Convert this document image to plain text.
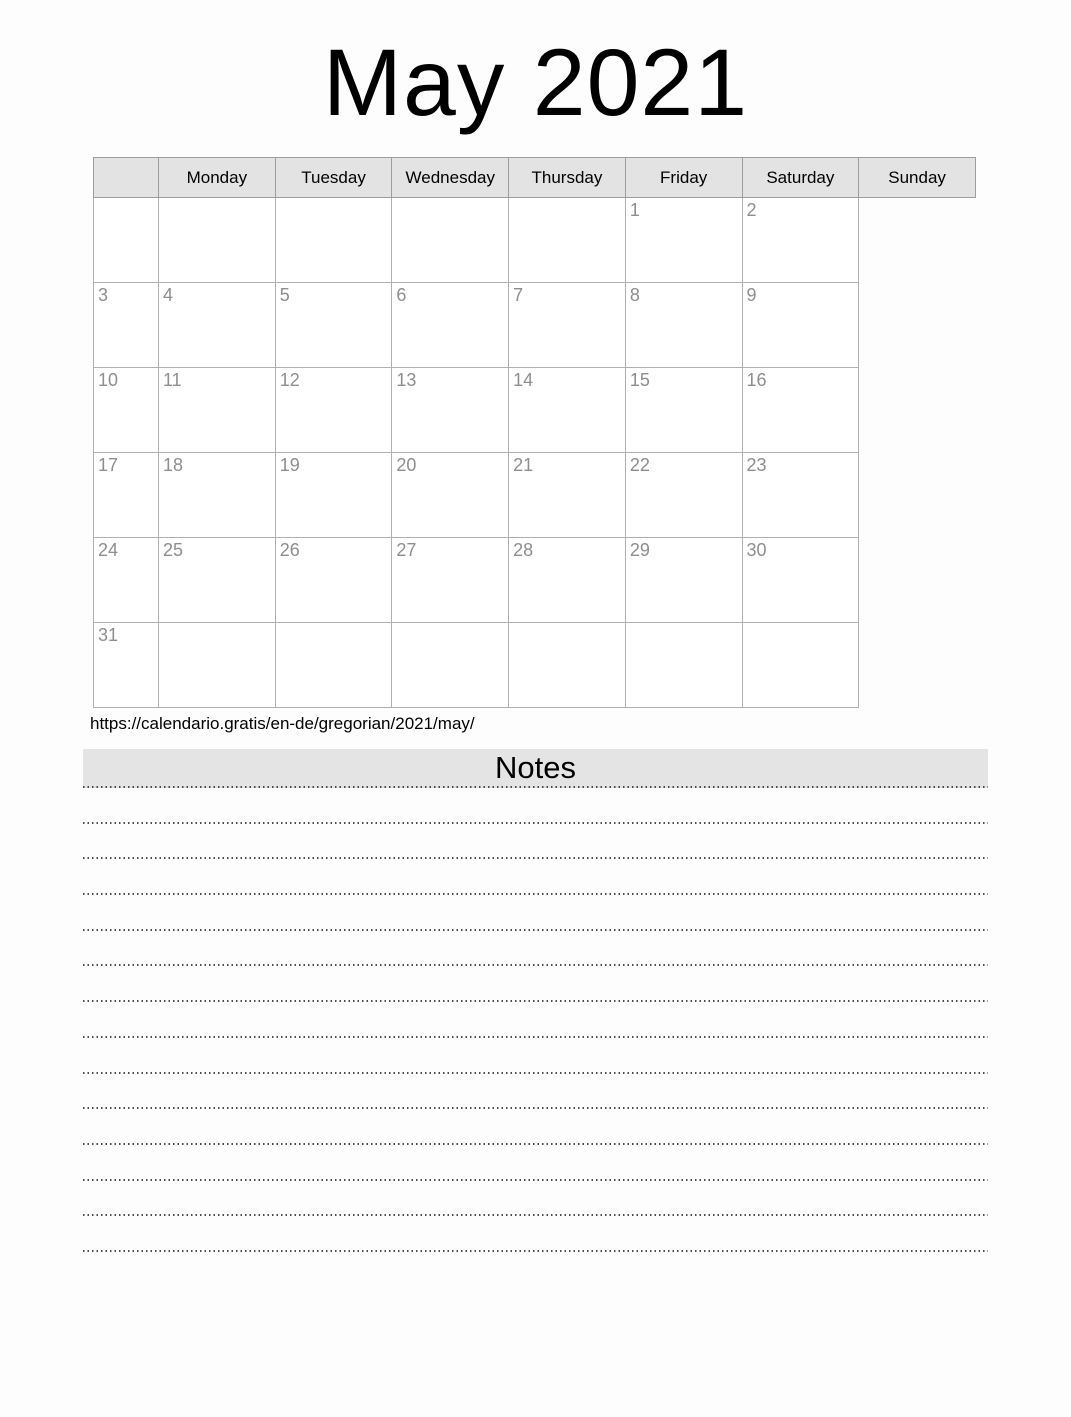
May 2021
	Monday	Tuesday	Wednesday	Thursday	Friday	Saturday	Sunday
					1	2	
3	4	5	6	7	8	9	
10	11	12	13	14	15	16	
17	18	19	20	21	22	23	
24	25	26	27	28	29	30	
31							
https://calendario.gratis/en-de/gregorian/2021/may/
Notes
